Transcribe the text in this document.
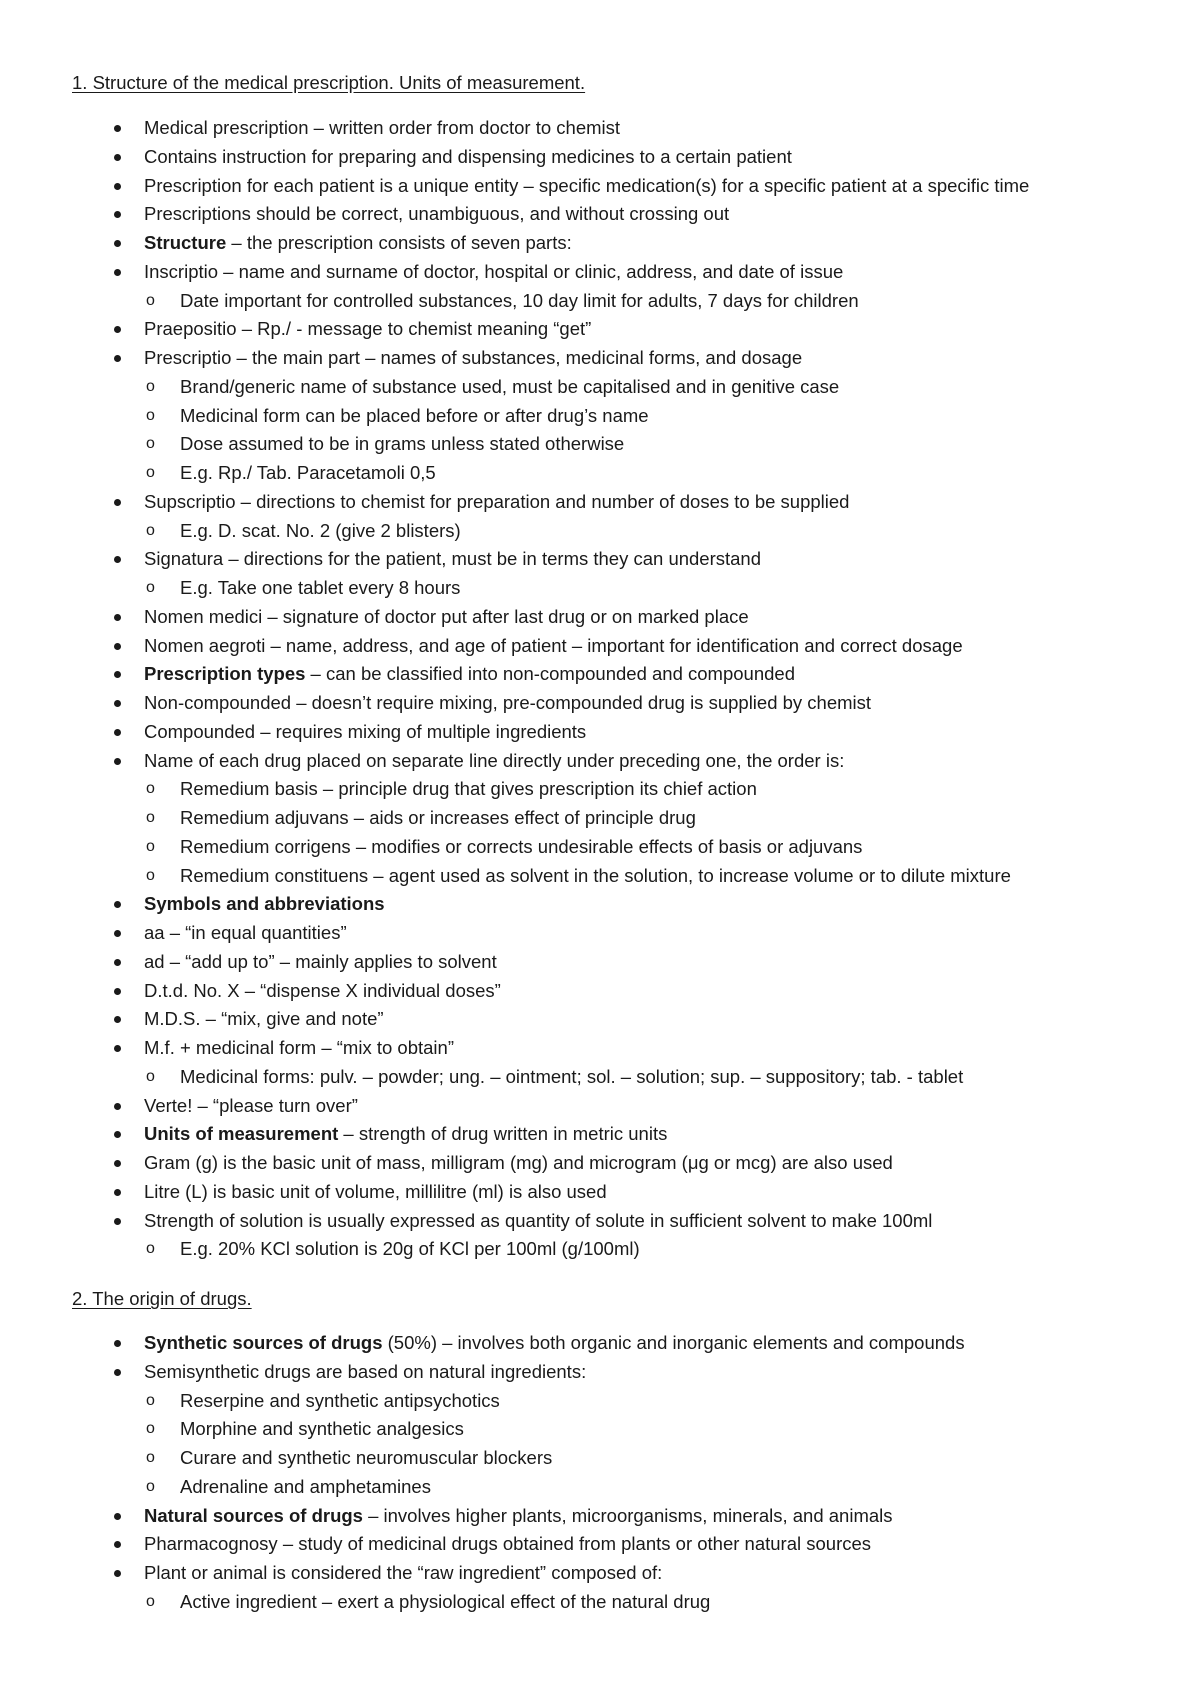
1. Structure of the medical prescription. Units of measurement.
Medical prescription – written order from doctor to chemist
Contains instruction for preparing and dispensing medicines to a certain patient
Prescription for each patient is a unique entity – specific medication(s) for a specific patient at a specific time
Prescriptions should be correct, unambiguous, and without crossing out
Structure – the prescription consists of seven parts:
Inscriptio – name and surname of doctor, hospital or clinic, address, and date of issue
o	Date important for controlled substances, 10 day limit for adults, 7 days for children
Praepositio – Rp./ - message to chemist meaning “get”
Prescriptio – the main part – names of substances, medicinal forms, and dosage
o	Brand/generic name of substance used, must be capitalised and in genitive case
o	Medicinal form can be placed before or after drug’s name
o	Dose assumed to be in grams unless stated otherwise
o	E.g. Rp./ Tab. Paracetamoli 0,5
Supscriptio – directions to chemist for preparation and number of doses to be supplied
o	E.g. D. scat. No. 2 (give 2 blisters)
Signatura – directions for the patient, must be in terms they can understand
o	E.g. Take one tablet every 8 hours
Nomen medici – signature of doctor put after last drug or on marked place
Nomen aegroti – name, address, and age of patient – important for identification and correct dosage
Prescription types – can be classified into non-compounded and compounded
Non-compounded – doesn’t require mixing, pre-compounded drug is supplied by chemist
Compounded – requires mixing of multiple ingredients
Name of each drug placed on separate line directly under preceding one, the order is:
o	Remedium basis – principle drug that gives prescription its chief action
o	Remedium adjuvans – aids or increases effect of principle drug
o	Remedium corrigens – modifies or corrects undesirable effects of basis or adjuvans
o	Remedium constituens – agent used as solvent in the solution, to increase volume or to dilute mixture
Symbols and abbreviations
aa – “in equal quantities”
ad – “add up to” – mainly applies to solvent
D.t.d. No. X – “dispense X individual doses”
M.D.S. – “mix, give and note”
M.f. + medicinal form – “mix to obtain”
o	Medicinal forms: pulv. – powder; ung. – ointment; sol. – solution; sup. – suppository; tab. - tablet
Verte! – “please turn over”
Units of measurement – strength of drug written in metric units
Gram (g) is the basic unit of mass, milligram (mg) and microgram (μg or mcg) are also used
Litre (L) is basic unit of volume, millilitre (ml) is also used
Strength of solution is usually expressed as quantity of solute in sufficient solvent to make 100ml
o	E.g. 20% KCl solution is 20g of KCl per 100ml (g/100ml)
2. The origin of drugs.
Synthetic sources of drugs (50%) – involves both organic and inorganic elements and compounds
Semisynthetic drugs are based on natural ingredients:
o	Reserpine and synthetic antipsychotics
o	Morphine and synthetic analgesics
o	Curare and synthetic neuromuscular blockers
o	Adrenaline and amphetamines
Natural sources of drugs – involves higher plants, microorganisms, minerals, and animals
Pharmacognosy – study of medicinal drugs obtained from plants or other natural sources
Plant or animal is considered the “raw ingredient” composed of:
o	Active ingredient – exert a physiological effect of the natural drug
